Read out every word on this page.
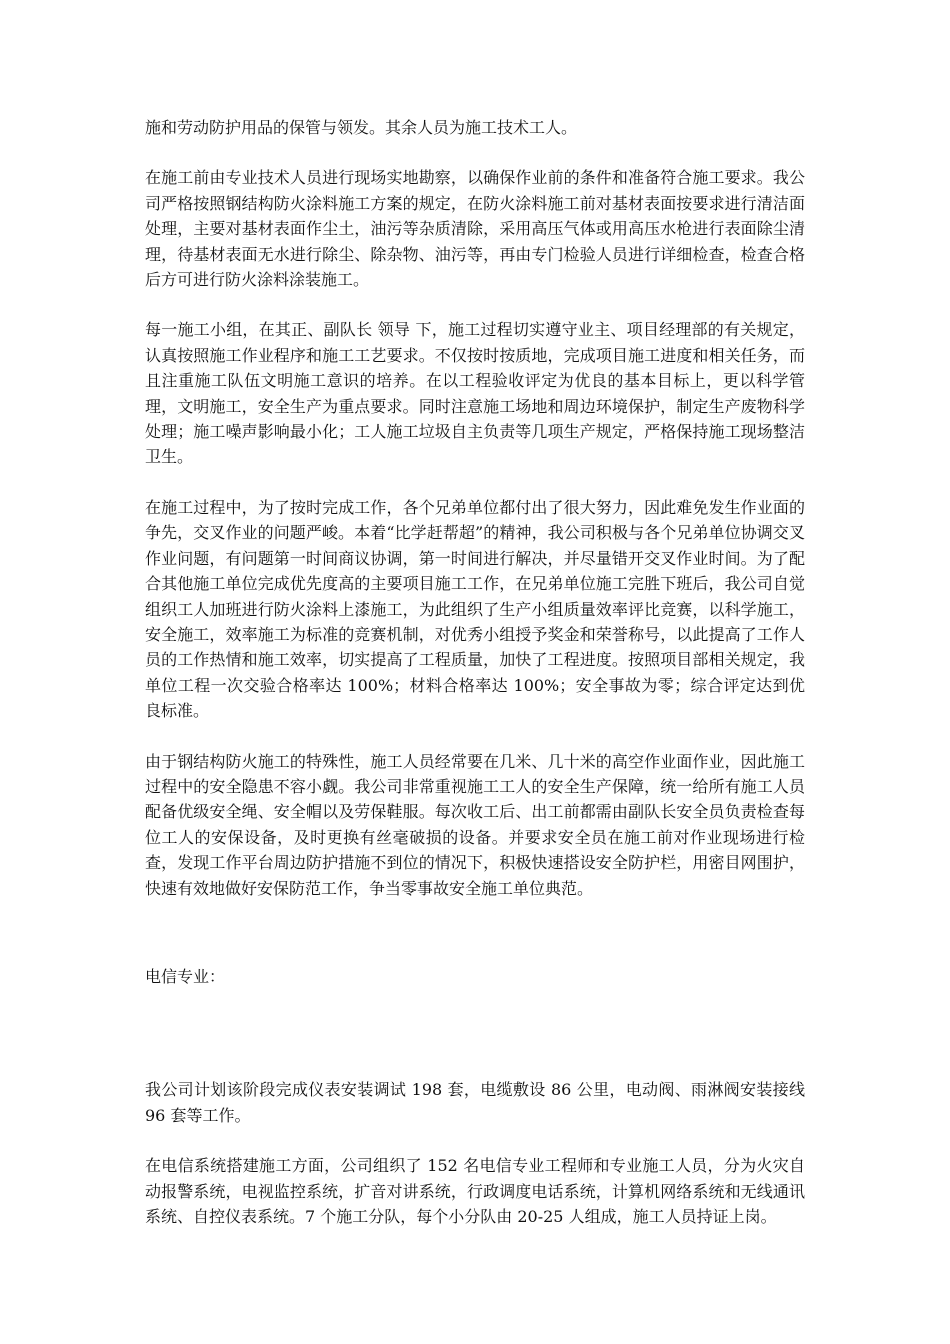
施和劳动防护用品的保管与领发。其余人员为施工技术工人。

在施工前由专业技术人员进行现场实地勘察，以确保作业前的条件和准备符合施工要求。我公司严格按照钢结构防火涂料施工方案的规定，在防火涂料施工前对基材表面按要求进行清洁面处理，主要对基材表面作尘土，油污等杂质清除，采用高压气体或用高压水枪进行表面除尘清理，待基材表面无水进行除尘、除杂物、油污等，再由专门检验人员进行详细检查，检查合格后方可进行防火涂料涂装施工。

每一施工小组，在其正、副队长 领导 下，施工过程切实遵守业主、项目经理部的有关规定，认真按照施工作业程序和施工工艺要求。不仅按时按质地，完成项目施工进度和相关任务，而且注重施工队伍文明施工意识的培养。在以工程验收评定为优良的基本目标上，更以科学管理，文明施工，安全生产为重点要求。同时注意施工场地和周边环境保护，制定生产废物科学处理；施工噪声影响最小化；工人施工垃圾自主负责等几项生产规定，严格保持施工现场整洁卫生。

在施工过程中，为了按时完成工作，各个兄弟单位都付出了很大努力，因此难免发生作业面的争先，交叉作业的问题严峻。本着“比学赶帮超”的精神，我公司积极与各个兄弟单位协调交叉作业问题，有问题第一时间商议协调，第一时间进行解决，并尽量错开交叉作业时间。为了配合其他施工单位完成优先度高的主要项目施工工作，在兄弟单位施工完胜下班后，我公司自觉组织工人加班进行防火涂料上漆施工，为此组织了生产小组质量效率评比竞赛，以科学施工，安全施工，效率施工为标准的竞赛机制，对优秀小组授予奖金和荣誉称号，以此提高了工作人员的工作热情和施工效率，切实提高了工程质量，加快了工程进度。按照项目部相关规定，我单位工程一次交验合格率达 100%；材料合格率达 100%；安全事故为零；综合评定达到优良标准。

由于钢结构防火施工的特殊性，施工人员经常要在几米、几十米的高空作业面作业，因此施工过程中的安全隐患不容小觑。我公司非常重视施工工人的安全生产保障，统一给所有施工人员配备优级安全绳、安全帽以及劳保鞋服。每次收工后、出工前都需由副队长安全员负责检查每位工人的安保设备，及时更换有丝毫破损的设备。并要求安全员在施工前对作业现场进行检查，发现工作平台周边防护措施不到位的情况下，积极快速搭设安全防护栏，用密目网围护，快速有效地做好安保防范工作，争当零事故安全施工单位典范。

电信专业：

我公司计划该阶段完成仪表安装调试 198 套，电缆敷设 86 公里，电动阀、雨淋阀安装接线 96 套等工作。

在电信系统搭建施工方面，公司组织了 152 名电信专业工程师和专业施工人员，分为火灾自动报警系统，电视监控系统，扩音对讲系统，行政调度电话系统，计算机网络系统和无线通讯系统、自控仪表系统。7 个施工分队，每个小分队由 20-25 人组成，施工人员持证上岗。
